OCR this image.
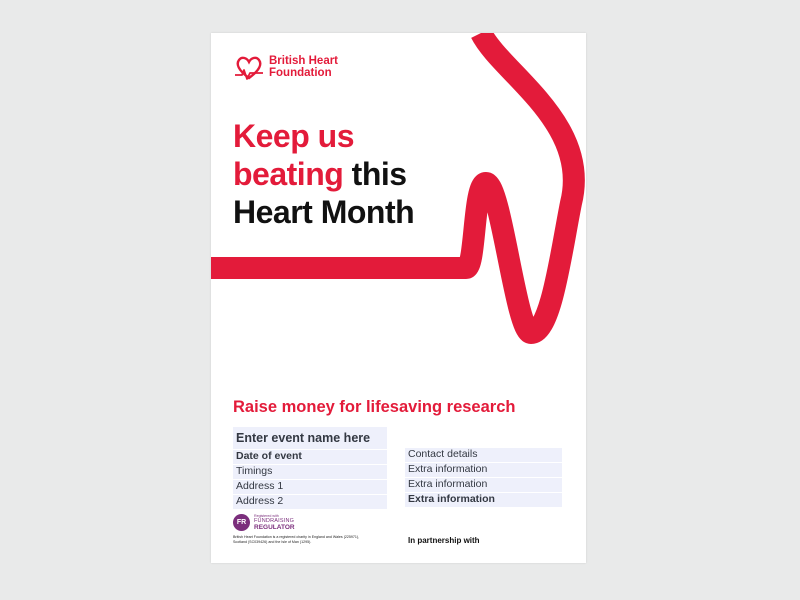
British Heart
Foundation
Keep us
beating this
Heart Month
Raise money for lifesaving research
Enter event name here
Date of event
Timings
Address 1
Address 2
Contact details
Extra information
Extra information
Extra information
FR
Registered with
FUNDRAISING
REGULATOR
British Heart Foundation is a registered charity in England and Wales (225971), Scotland (SC039426) and the Isle of Man (1295).	In partnership with
